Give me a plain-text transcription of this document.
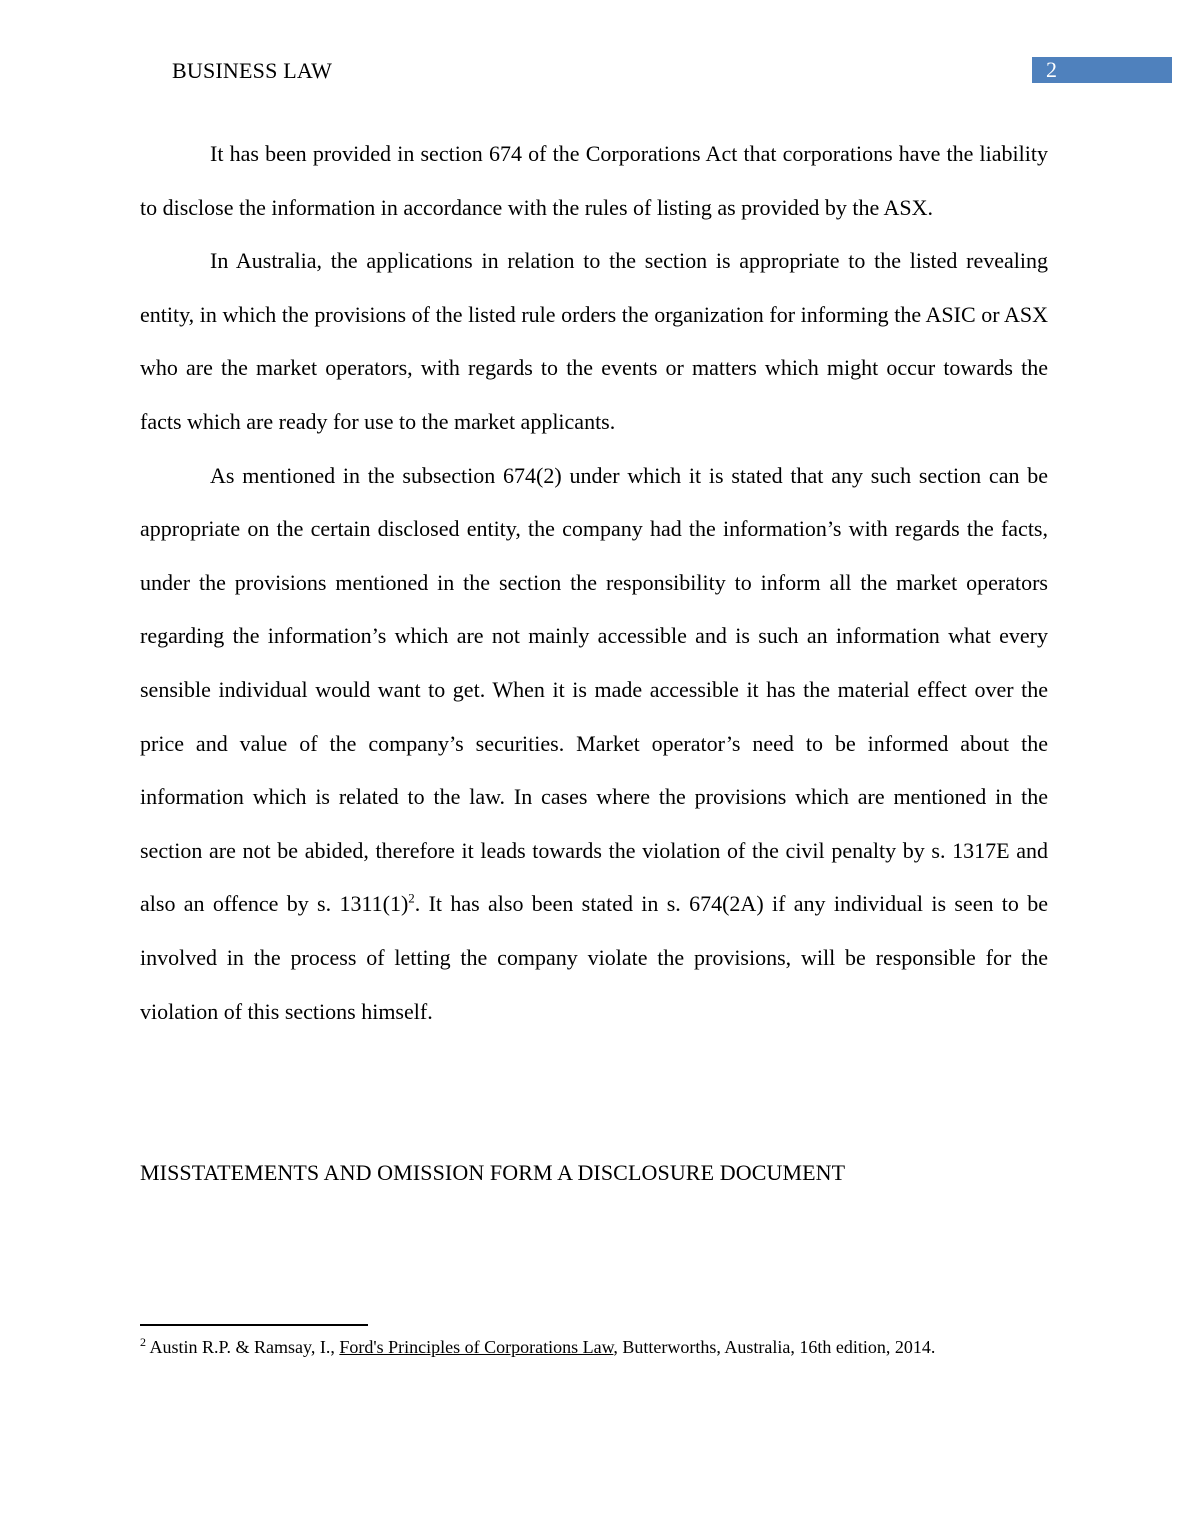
BUSINESS LAW	2

It has been provided in section 674 of the Corporations Act that corporations have the liability to disclose the information in accordance with the rules of listing as provided by the ASX.

In Australia, the applications in relation to the section is appropriate to the listed revealing entity, in which the provisions of the listed rule orders the organization for informing the ASIC or ASX who are the market operators, with regards to the events or matters which might occur towards the facts which are ready for use to the market applicants.

As mentioned in the subsection 674(2) under which it is stated that any such section can be appropriate on the certain disclosed entity, the company had the information’s with regards the facts, under the provisions mentioned in the section the responsibility to inform all the market operators regarding the information’s which are not mainly accessible and is such an information what every sensible individual would want to get. When it is made accessible it has the material effect over the price and value of the company’s securities. Market operator’s need to be informed about the information which is related to the law. In cases where the provisions which are mentioned in the section are not be abided, therefore it leads towards the violation of the civil penalty by s. 1317E and also an offence by s. $1311(1)^2$. It has also been stated in s. 674(2A) if any individual is seen to be involved in the process of letting the company violate the provisions, will be responsible for the violation of this sections himself.

MISSTATEMENTS AND OMISSION FORM A DISCLOSURE DOCUMENT
$^2$ Austin R.P. & Ramsay, I., Ford's Principles of Corporations Law, Butterworths, Australia, 16th edition, 2014.
